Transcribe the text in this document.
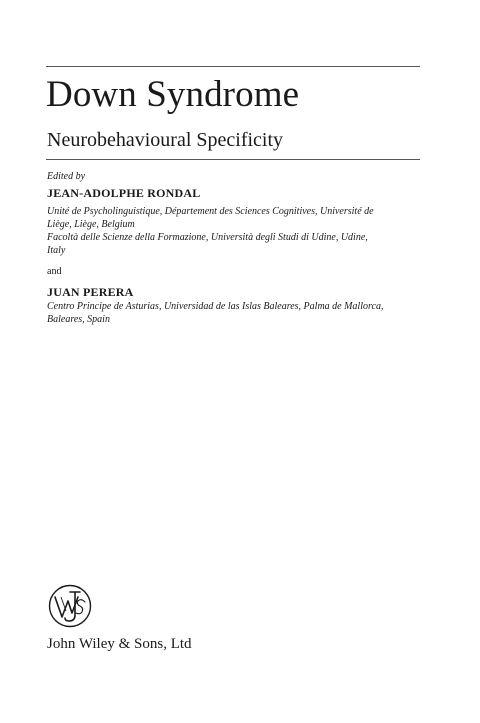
Down Syndrome
Neurobehavioural Specificity
Edited by
JEAN-ADOLPHE RONDAL
Unité de Psycholinguistique, Département des Sciences Cognitives, Université de
Liège, Liège, Belgium
Facoltà delle Scienze della Formazione, Università degli Studi di Udine, Udine,
Italy
and
JUAN PERERA
Centro Principe de Asturias, Universidad de las Islas Baleares, Palma de Mallorca,
Baleares, Spain
John Wiley & Sons, Ltd
